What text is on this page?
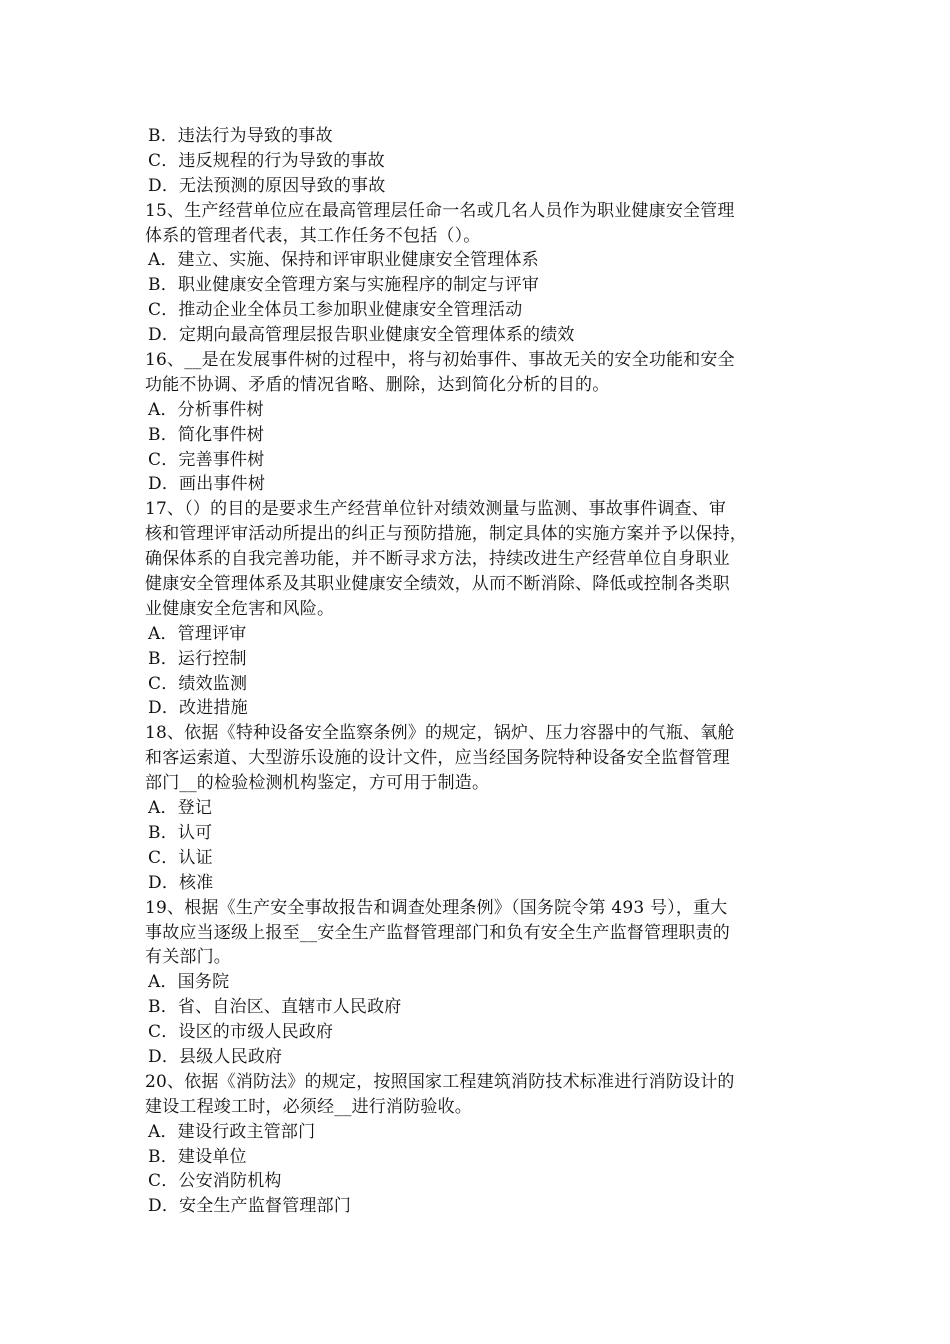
B．违法行为导致的事故
C．违反规程的行为导致的事故
D．无法预测的原因导致的事故
15、生产经营单位应在最高管理层任命一名或几名人员作为职业健康安全管理
体系的管理者代表，其工作任务不包括（）。
A．建立、实施、保持和评审职业健康安全管理体系
B．职业健康安全管理方案与实施程序的制定与评审
C．推动企业全体员工参加职业健康安全管理活动
D．定期向最高管理层报告职业健康安全管理体系的绩效
16、__是在发展事件树的过程中，将与初始事件、事故无关的安全功能和安全
功能不协调、矛盾的情况省略、删除，达到简化分析的目的。
A．分析事件树
B．简化事件树
C．完善事件树
D．画出事件树
17、（）的目的是要求生产经营单位针对绩效测量与监测、事故事件调查、审
核和管理评审活动所提出的纠正与预防措施，制定具体的实施方案并予以保持，
确保体系的自我完善功能，并不断寻求方法，持续改进生产经营单位自身职业
健康安全管理体系及其职业健康安全绩效，从而不断消除、降低或控制各类职
业健康安全危害和风险。
A．管理评审
B．运行控制
C．绩效监测
D．改进措施
18、依据《特种设备安全监察条例》的规定，锅炉、压力容器中的气瓶、氧舱
和客运索道、大型游乐设施的设计文件，应当经国务院特种设备安全监督管理
部门__的检验检测机构鉴定，方可用于制造。
A．登记
B．认可
C．认证
D．核准
19、根据《生产安全事故报告和调查处理条例》（国务院令第 493 号），重大
事故应当逐级上报至__安全生产监督管理部门和负有安全生产监督管理职责的
有关部门。
A．国务院
B．省、自治区、直辖市人民政府
C．设区的市级人民政府
D．县级人民政府
20、依据《消防法》的规定，按照国家工程建筑消防技术标准进行消防设计的
建设工程竣工时，必须经__进行消防验收。
A．建设行政主管部门
B．建设单位
C．公安消防机构
D．安全生产监督管理部门
